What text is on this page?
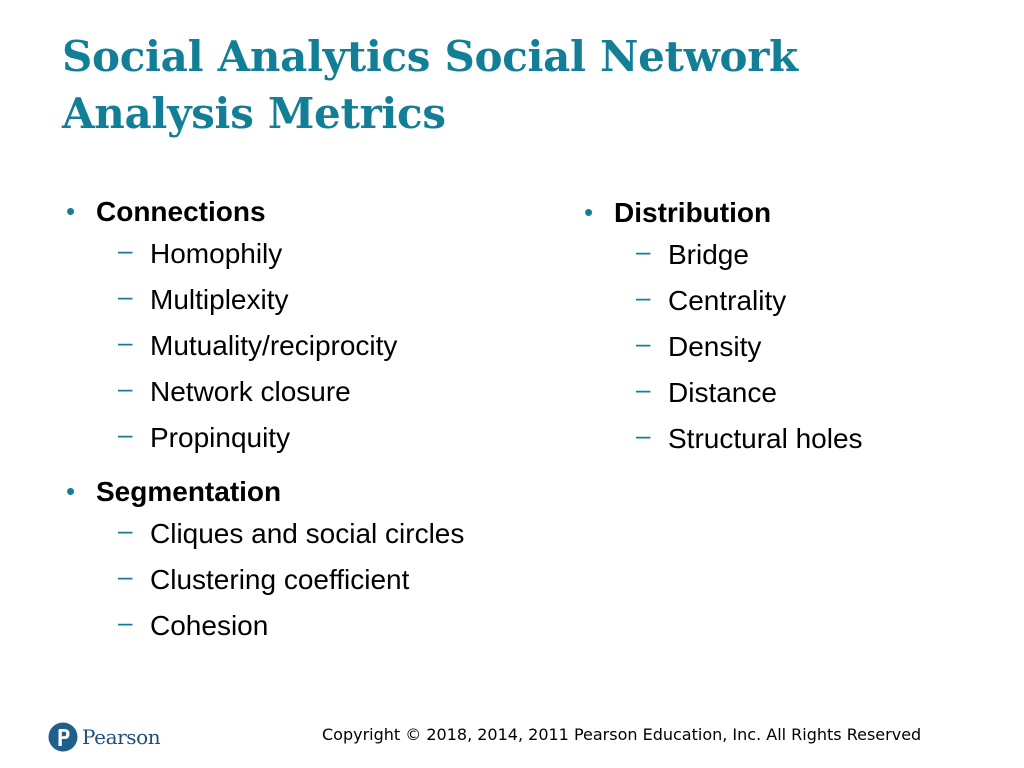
Social Analytics Social Network Analysis Metrics
• Connections
– Homophily
– Multiplexity
– Mutuality/reciprocity
– Network closure
– Propinquity
• Segmentation
– Cliques and social circles
– Clustering coefficient
– Cohesion
• Distribution
– Bridge
– Centrality
– Density
– Distance
– Structural holes
Pearson	Copyright © 2018, 2014, 2011 Pearson Education, Inc. All Rights Reserved
